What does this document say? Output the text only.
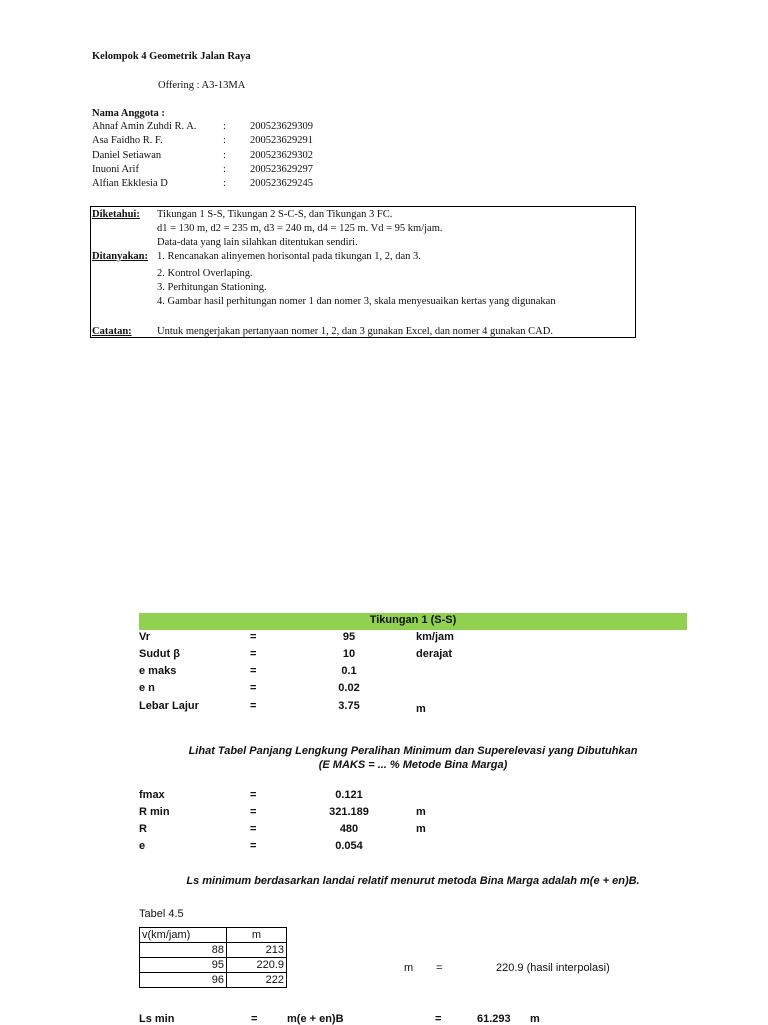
Kelompok 4 Geometrik Jalan Raya
Offering : A3-13MA
Nama Anggota :
Ahnaf Amin Zuhdi R. A.	: 200523629309
Asa Faidho R. F.	: 200523629291
Daniel Setiawan	: 200523629302
Inuoni Arif	: 200523629297
Alfian Ekklesia D	: 200523629245
Diketahui: Tikungan 1 S-S, Tikungan 2 S-C-S, dan Tikungan 3 FC.
d1 = 130 m, d2 = 235 m, d3 = 240 m, d4 = 125 m. Vd = 95 km/jam.
Data-data yang lain silahkan ditentukan sendiri.
Ditanyakan: 1. Rencanakan alinyemen horisontal pada tikungan 1, 2, dan 3.
2. Kontrol Overlaping.
3. Perhitungan Stationing.
4. Gambar hasil perhitungan nomer 1 dan nomer 3, skala menyesuaikan kertas yang digunakan
Catatan: Untuk mengerjakan pertanyaan nomer 1, 2, dan 3 gunakan Excel, dan nomer 4 gunakan CAD.
Tikungan 1 (S-S)
Vr	=	95	km/jam
Sudut β	=	10	derajat
e maks	=	0.1
e n	=	0.02
Lebar Lajur	=	3.75	m
Lihat Tabel Panjang Lengkung Peralihan Minimum dan Superelevasi yang Dibutuhkan
(E MAKS = ... % Metode Bina Marga)
fmax	=	0.121
R min	=	321.189	m
R	=	480	m
e	=	0.054
Ls minimum berdasarkan landai relatif menurut metoda Bina Marga adalah m(e + en)B.
Tabel 4.5
v(km/jam)	m
88	213
95	220.9
96	222
m =	220.9 (hasil interpolasi)
Ls min	=	m(e + en)B	=	61.293 m
